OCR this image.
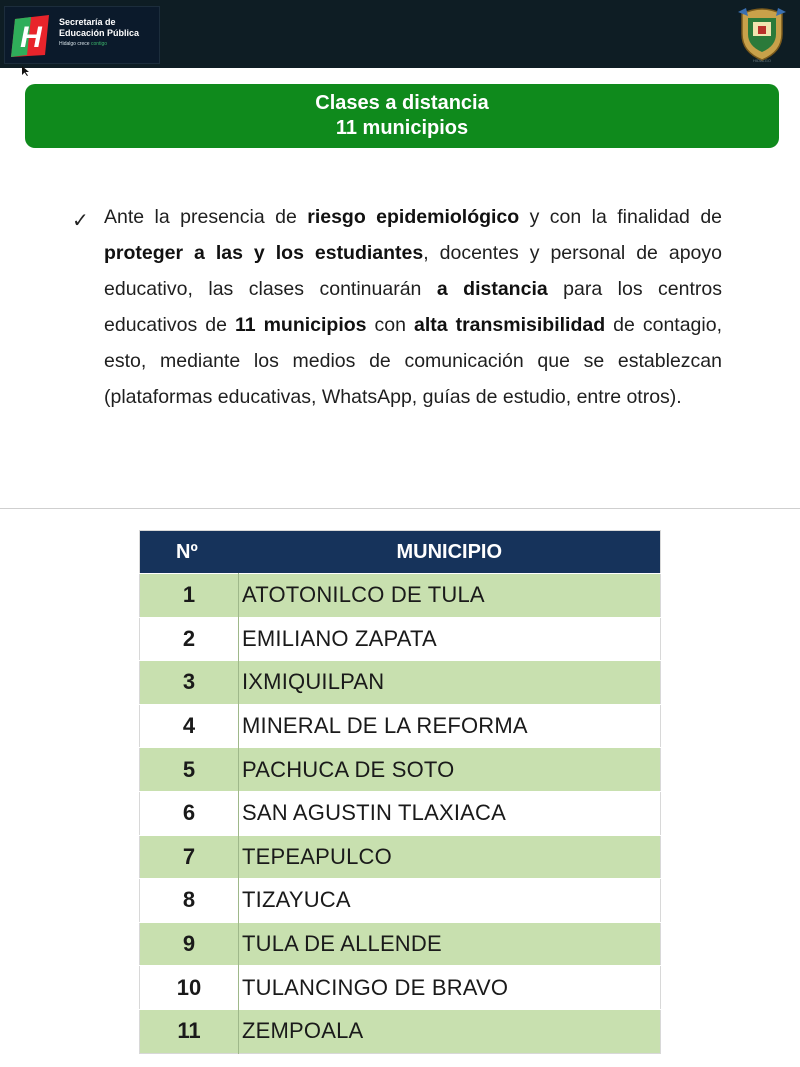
H Secretaría de
Educación Pública
Hidalgo crece contigo
HIDALGO
Clases a distancia
11 municipios
✓ Ante la presencia de riesgo epidemiológico y con la finalidad de proteger a las y los estudiantes, docentes y personal de apoyo educativo, las clases continuarán a distancia para los centros educativos de 11 municipios con alta transmisibilidad de contagio, esto, mediante los medios de comunicación que se establezcan (plataformas educativas, WhatsApp, guías de estudio, entre otros).
Nº	MUNICIPIO
1	ATOTONILCO DE TULA
2	EMILIANO ZAPATA
3	IXMIQUILPAN
4	MINERAL DE LA REFORMA
5	PACHUCA DE SOTO
6	SAN AGUSTIN TLAXIACA
7	TEPEAPULCO
8	TIZAYUCA
9	TULA DE ALLENDE
10	TULANCINGO DE BRAVO
11	ZEMPOALA
